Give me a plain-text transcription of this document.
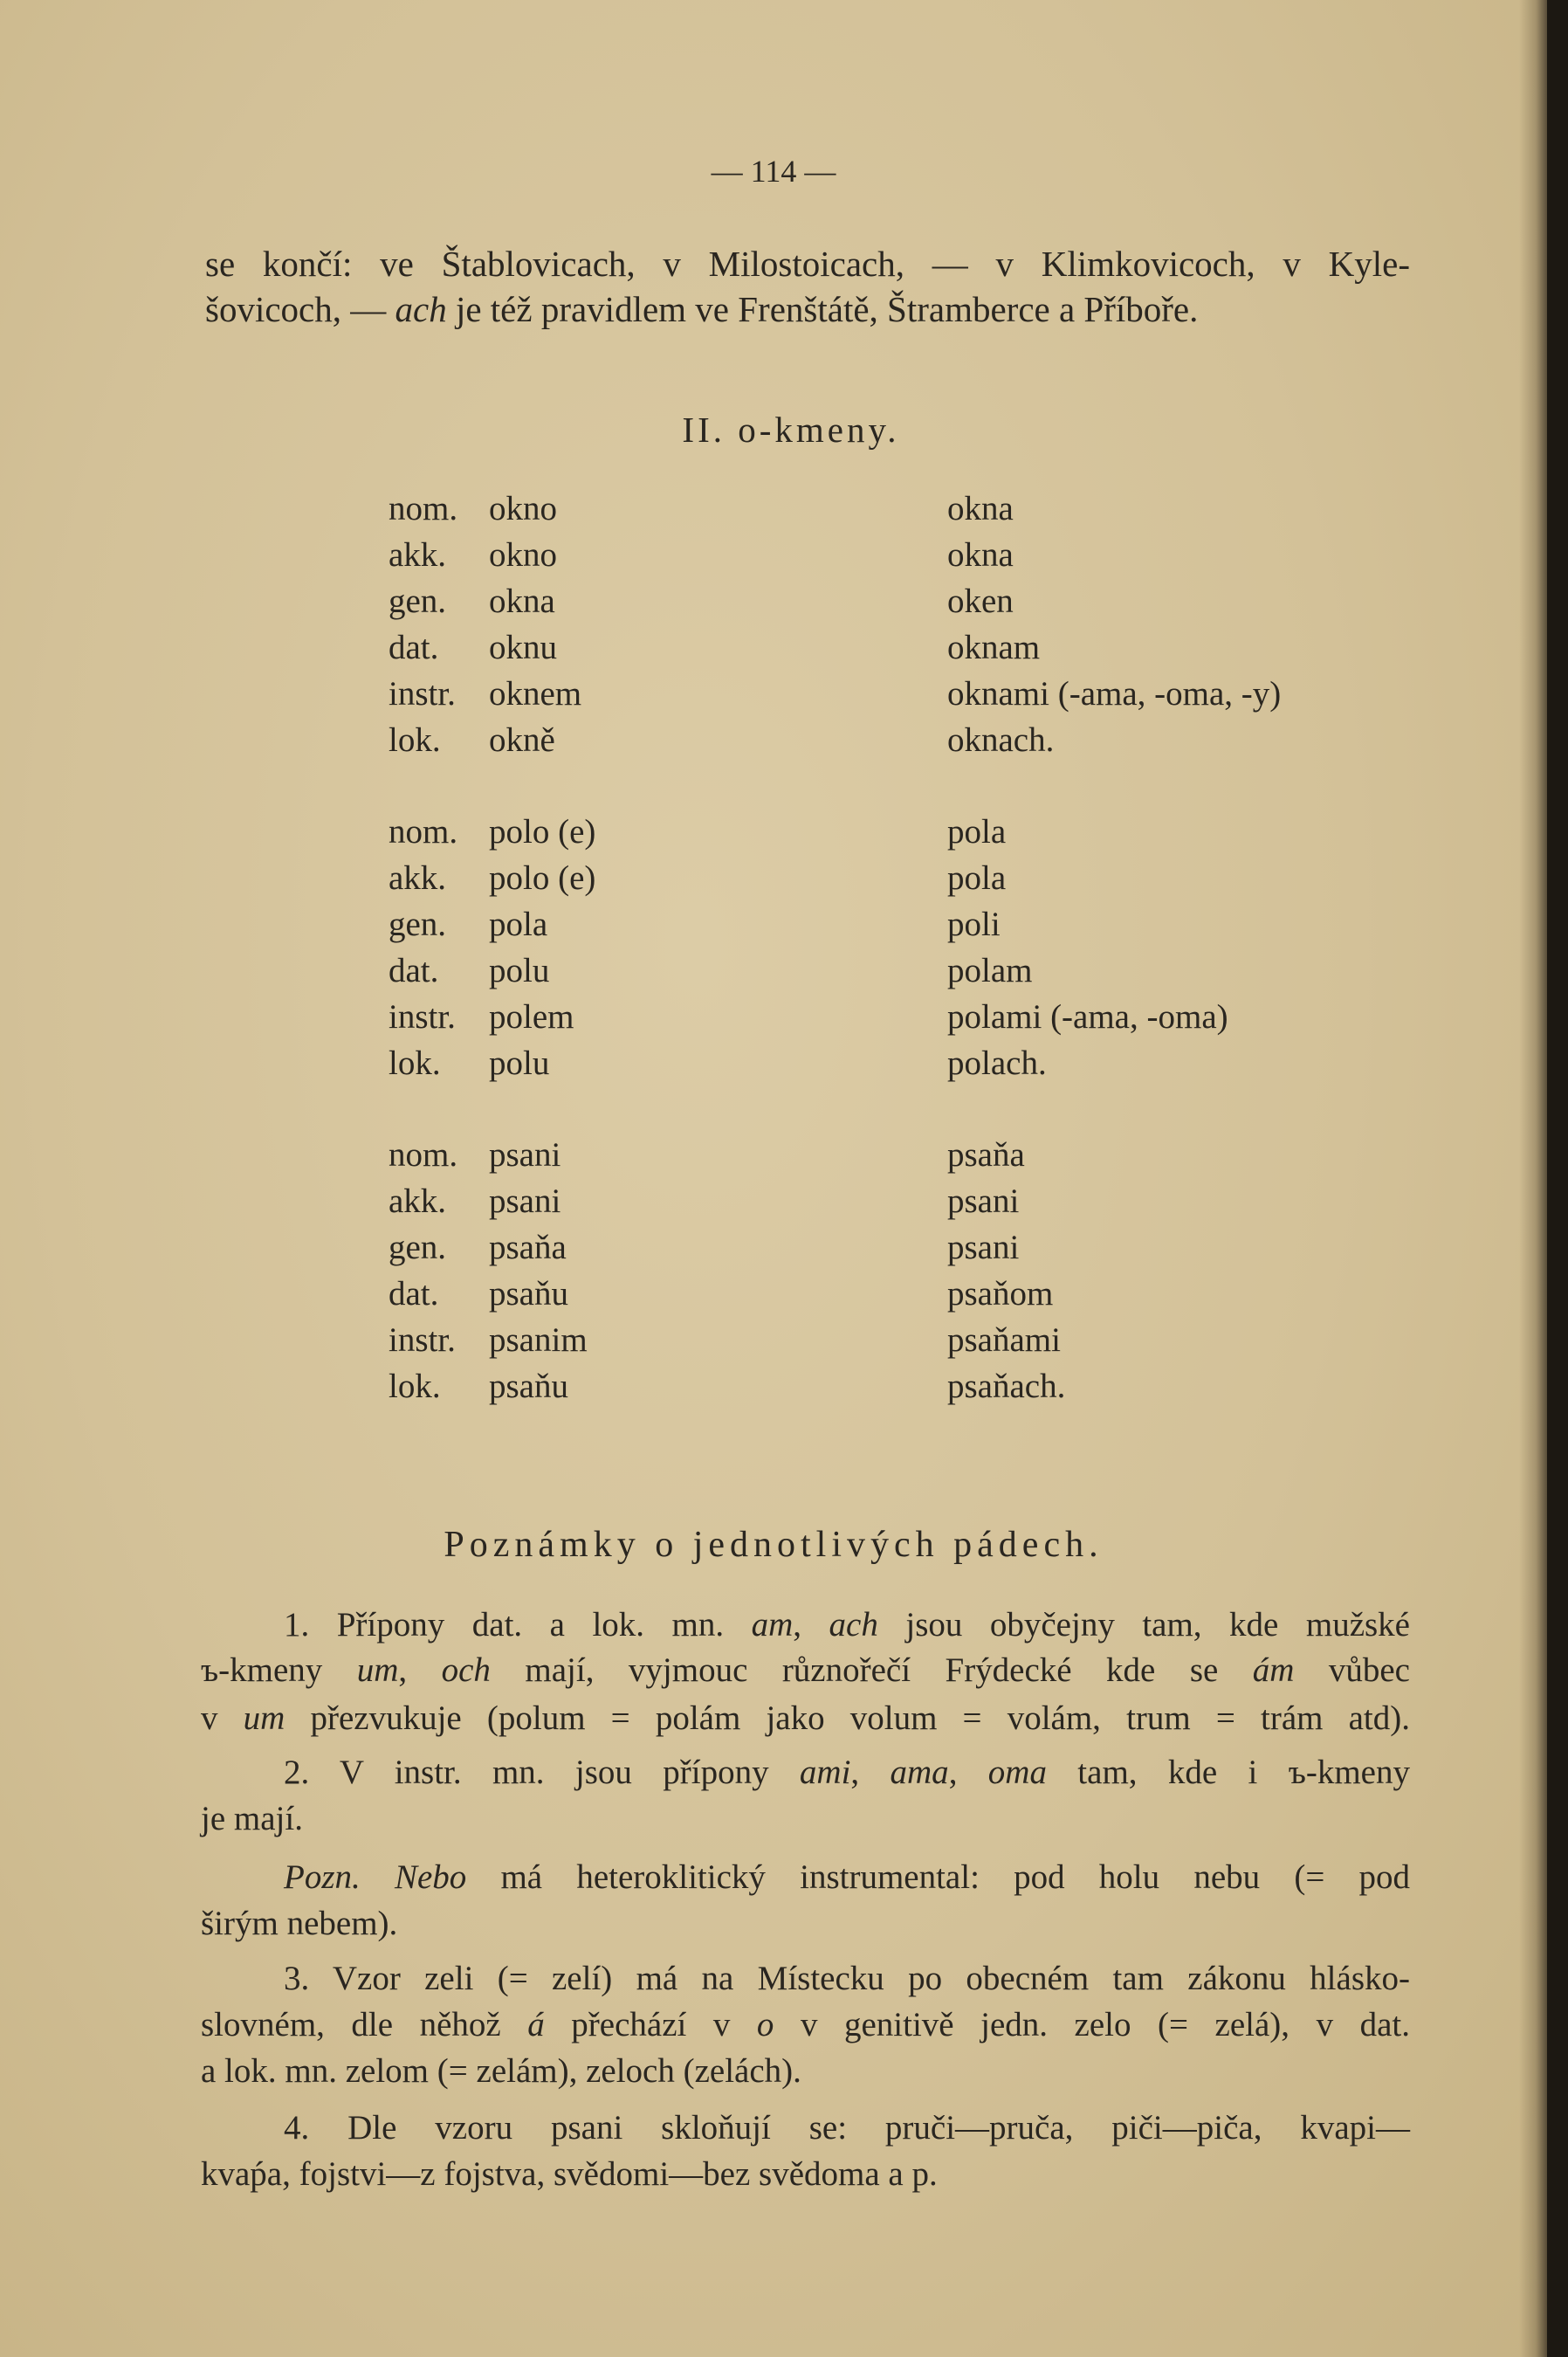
— 114 —
se končí: ve Štablovicach, v Milostoicach, — v Klimkovicoch, v Kyle-
šovicoch, — ach je též pravidlem ve Frenštátě, Štramberce a Příboře.
II. o-kmeny.
nom. okno	okna
akk.	okno	okna
gen.	okna	oken
dat.	oknu	oknam
instr. oknem	oknami (-ama, -oma, -y)
lok.	okně	oknach.
nom. polo (e)	pola
akk.	polo (e)	pola
gen.	pola	poli
dat.	polu	polam
instr. polem	polami (-ama, -oma)
lok.	polu	polach.
nom. psani	psaňa
akk.	psani	psani
gen.	psaňa	psani
dat.	psaňu	psaňom
instr. psanim	psaňami
lok.	psaňu	psaňach.
Poznámky o jednotlivých pádech.
1. Přípony dat. a lok. mn. am, ach jsou obyčejny tam, kde mužské
ъ-kmeny um, och mají, vyjmouc různořečí Frýdecké kde se ám vůbec
v um přezvukuje (polum = polám jako volum = volám, trum = trám atd).
2. V instr. mn. jsou přípony ami, ama, oma tam, kde i ъ-kmeny
je mají.
Pozn. Nebo má heteroklitický instrumental: pod holu nebu (= pod
širým nebem).
3. Vzor zeli (= zelí) má na Místecku po obecném tam zákonu hlásko-
slovném, dle něhož á přechází v o v genitivě jedn. zelo (= zelá), v dat.
a lok. mn. zelom (= zelám), zeloch (zelách).
4. Dle vzoru psani skloňují se: pruči—pruča, piči—piča, kvapi—
kvaṕa, fojstvi—z fojstva, svědomi—bez svědoma a p.
